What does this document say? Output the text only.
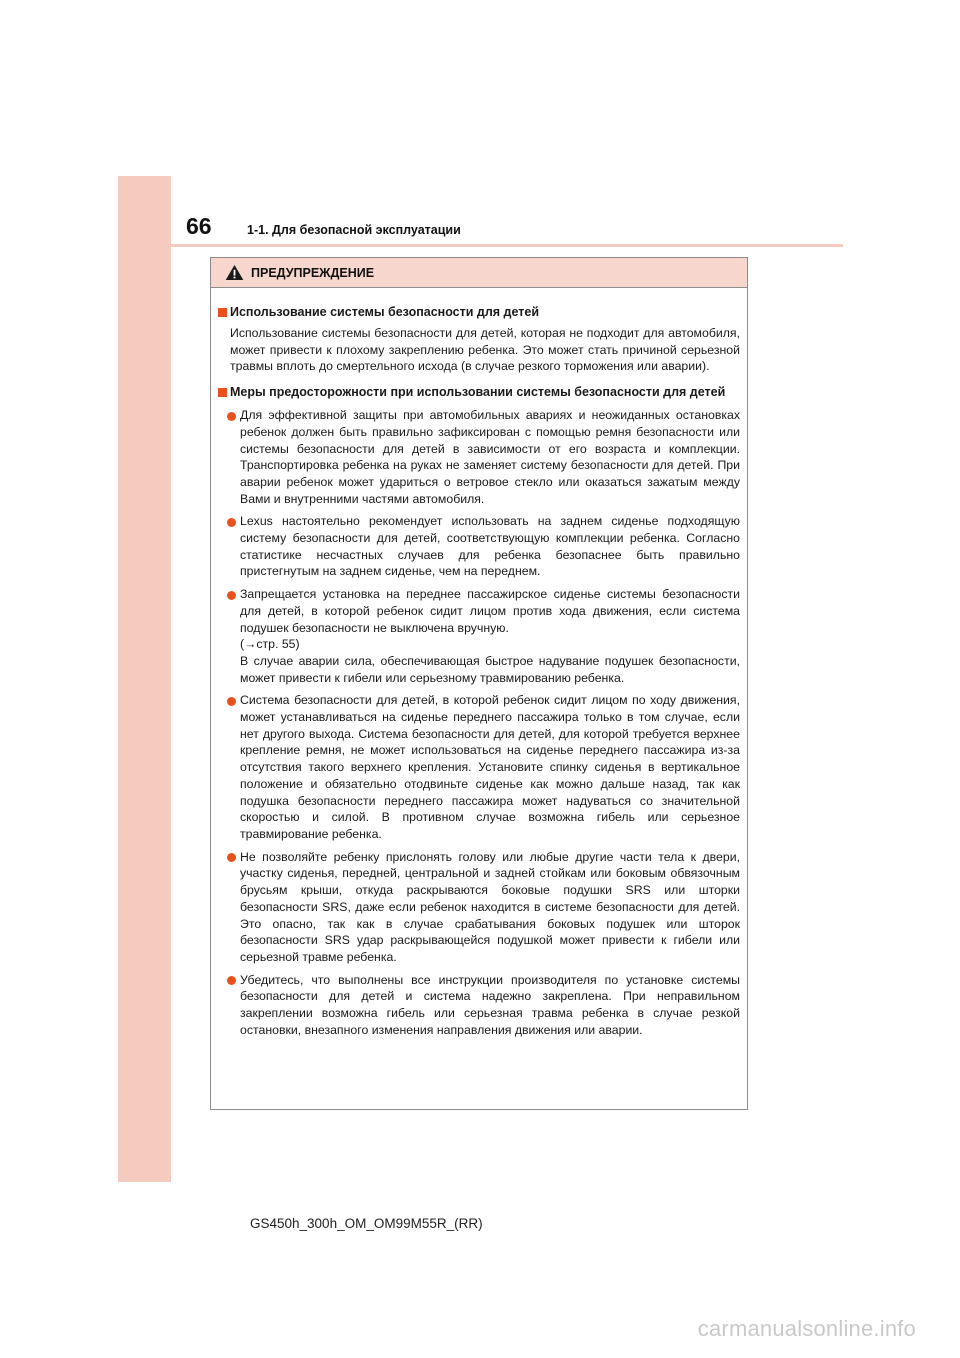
66	1-1. Для безопасной эксплуатации
ПРЕДУПРЕЖДЕНИЕ
Использование системы безопасности для детей
Использование системы безопасности для детей, которая не подходит для автомобиля, может привести к плохому закреплению ребенка. Это может стать причиной серьезной травмы вплоть до смертельного исхода (в случае резкого торможения или аварии).
Меры предосторожности при использовании системы безопасности для детей
Для эффективной защиты при автомобильных авариях и неожиданных остановках ребенок должен быть правильно зафиксирован с помощью ремня безопасности или системы безопасности для детей в зависимости от его возраста и комплекции. Транспортировка ребенка на руках не заменяет систему безопасности для детей. При аварии ребенок может удариться о ветровое стекло или оказаться зажатым между Вами и внутренними частями автомобиля.
Lexus настоятельно рекомендует использовать на заднем сиденье подходящую систему безопасности для детей, соответствующую комплекции ребенка. Согласно статистике несчастных случаев для ребенка безопаснее быть правильно пристегнутым на заднем сиденье, чем на переднем.
Запрещается установка на переднее пассажирское сиденье системы безопасности для детей, в которой ребенок сидит лицом против хода движения, если система подушек безопасности не выключена вручную.
(→стр. 55)
В случае аварии сила, обеспечивающая быстрое надувание подушек безопасности, может привести к гибели или серьезному травмированию ребенка.
Система безопасности для детей, в которой ребенок сидит лицом по ходу движения, может устанавливаться на сиденье переднего пассажира только в том случае, если нет другого выхода. Система безопасности для детей, для которой требуется верхнее крепление ремня, не может использоваться на сиденье переднего пассажира из-за отсутствия такого верхнего крепления. Установите спинку сиденья в вертикальное положение и обязательно отодвиньте сиденье как можно дальше назад, так как подушка безопасности переднего пассажира может надуваться со значительной скоростью и силой. В противном случае возможна гибель или серьезное травмирование ребенка.
Не позволяйте ребенку прислонять голову или любые другие части тела к двери, участку сиденья, передней, центральной и задней стойкам или боковым обвязочным брусьям крыши, откуда раскрываются боковые подушки SRS или шторки безопасности SRS, даже если ребенок находится в системе безопасности для детей. Это опасно, так как в случае срабатывания боковых подушек или шторок безопасности SRS удар раскрывающейся подушкой может привести к гибели или серьезной травме ребенка.
Убедитесь, что выполнены все инструкции производителя по установке системы безопасности для детей и система надежно закреплена. При неправильном закреплении возможна гибель или серьезная травма ребенка в случае резкой остановки, внезапного изменения направления движения или аварии.
GS450h_300h_OM_OM99M55R_(RR)
carmanualsonline.info
